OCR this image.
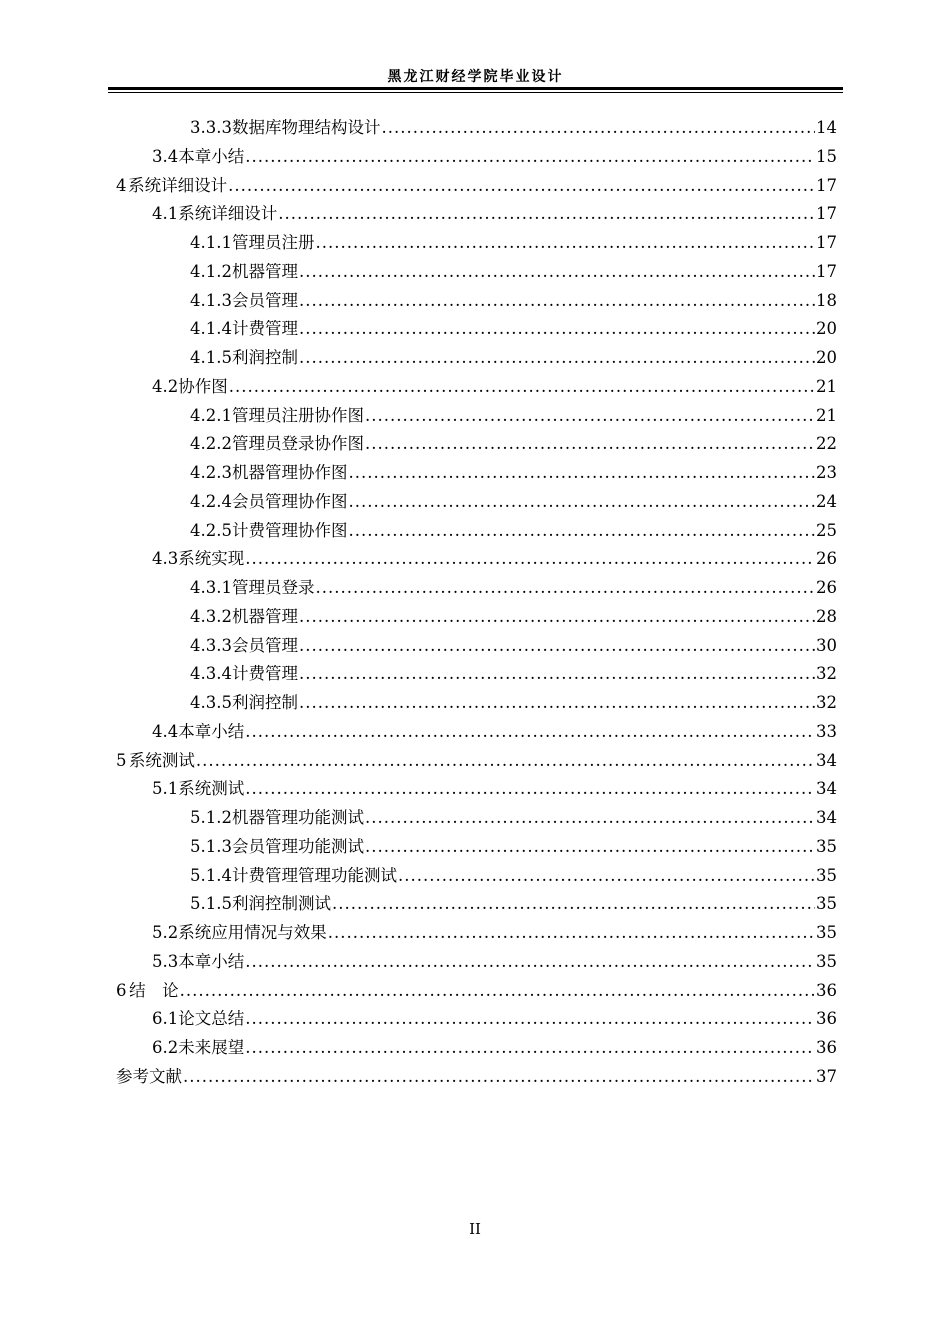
黑龙江财经学院毕业设计
3.3.3 数据库物理结构设计 .....	14
3.4 本章小结 .....	15
4 系统详细设计 .....	17
4.1 系统详细设计 .....	17
4.1.1 管理员注册 .....	17
4.1.2 机器管理 .....	17
4.1.3 会员管理 .....	18
4.1.4 计费管理 .....	20
4.1.5 利润控制 .....	20
4.2 协作图 .....	21
4.2.1 管理员注册协作图 .....	21
4.2.2 管理员登录协作图 .....	22
4.2.3 机器管理协作图 .....	23
4.2.4 会员管理协作图 .....	24
4.2.5 计费管理协作图 .....	25
4.3 系统实现 .....	26
4.3.1 管理员登录 .....	26
4.3.2 机器管理 .....	28
4.3.3 会员管理 .....	30
4.3.4 计费管理 .....	32
4.3.5 利润控制 .....	32
4.4 本章小结 .....	33
5 系统测试 .....	34
5.1 系统测试 .....	34
5.1.2 机器管理功能测试 .....	34
5.1.3 会员管理功能测试 .....	35
5.1.4 计费管理管理功能测试 .....	35
5.1.5 利润控制测试 .....	35
5.2 系统应用情况与效果 .....	35
5.3 本章小结 .....	35
6 结　论 .....	36
6.1 论文总结 .....	36
6.2 未来展望 .....	36
参考文献 .....	37
II
